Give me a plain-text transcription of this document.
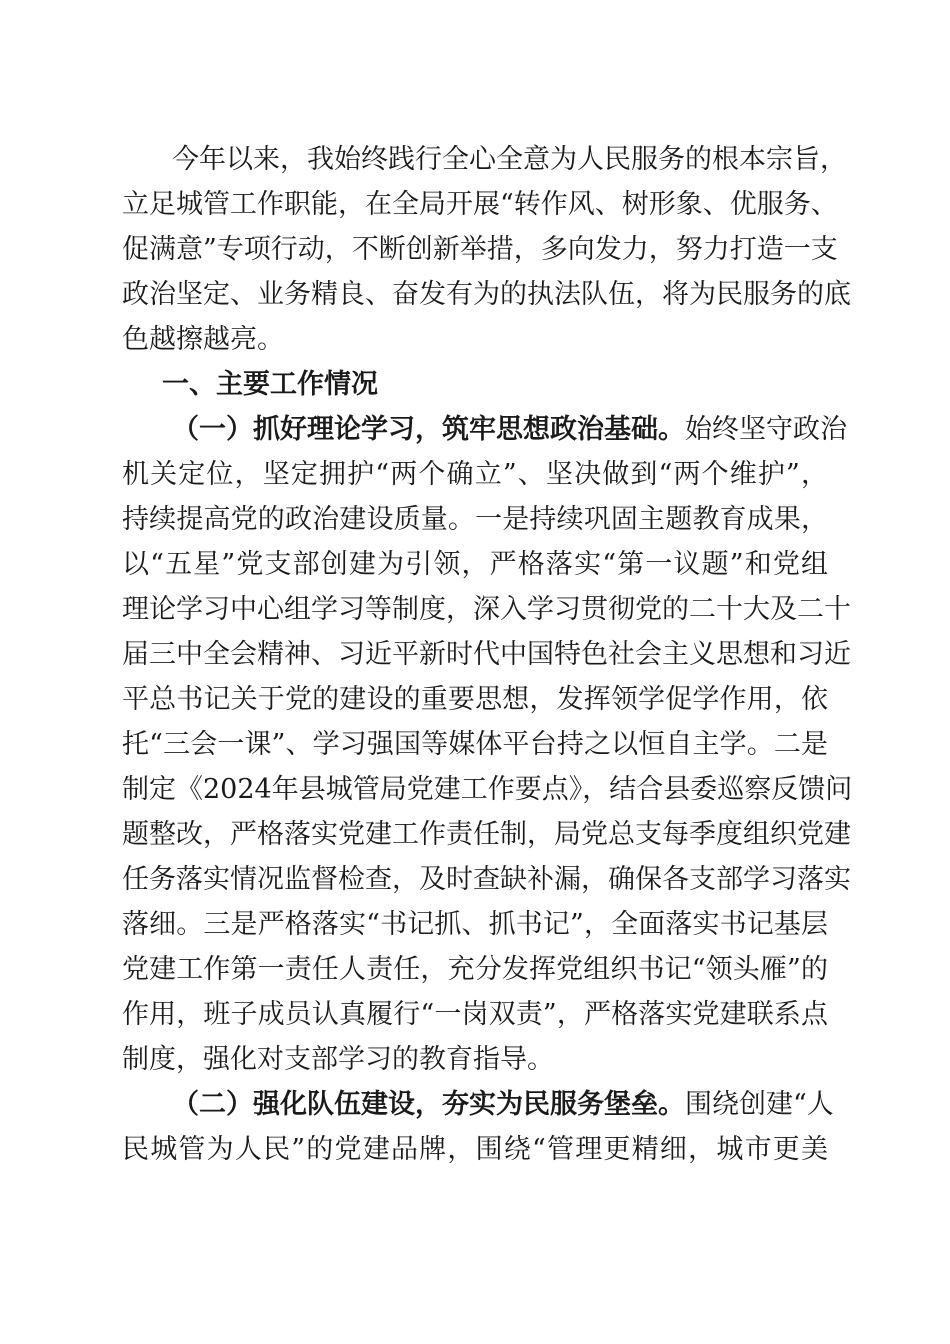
今年以来，我始终践行全心全意为人民服务的根本宗旨，
立足城管工作职能，在全局开展“转作风、树形象、优服务、
促满意”专项行动，不断创新举措，多向发力，努力打造一支
政治坚定、业务精良、奋发有为的执法队伍，将为民服务的底
色越擦越亮。
一、主要工作情况
（一）抓好理论学习，筑牢思想政治基础。始终坚守政治
机关定位，坚定拥护“两个确立”、坚决做到“两个维护”，
持续提高党的政治建设质量。一是持续巩固主题教育成果，
以“五星”党支部创建为引领，严格落实“第一议题”和党组
理论学习中心组学习等制度，深入学习贯彻党的二十大及二十
届三中全会精神、习近平新时代中国特色社会主义思想和习近
平总书记关于党的建设的重要思想，发挥领学促学作用，依
托“三会一课”、学习强国等媒体平台持之以恒自主学。二是
制定《2024年县城管局党建工作要点》，结合县委巡察反馈问
题整改，严格落实党建工作责任制，局党总支每季度组织党建
任务落实情况监督检查，及时查缺补漏，确保各支部学习落实
落细。三是严格落实“书记抓、抓书记”，全面落实书记基层
党建工作第一责任人责任，充分发挥党组织书记“领头雁”的
作用，班子成员认真履行“一岗双责”，严格落实党建联系点
制度，强化对支部学习的教育指导。
（二）强化队伍建设，夯实为民服务堡垒。围绕创建“人
民城管为人民”的党建品牌，围绕“管理更精细，城市更美
